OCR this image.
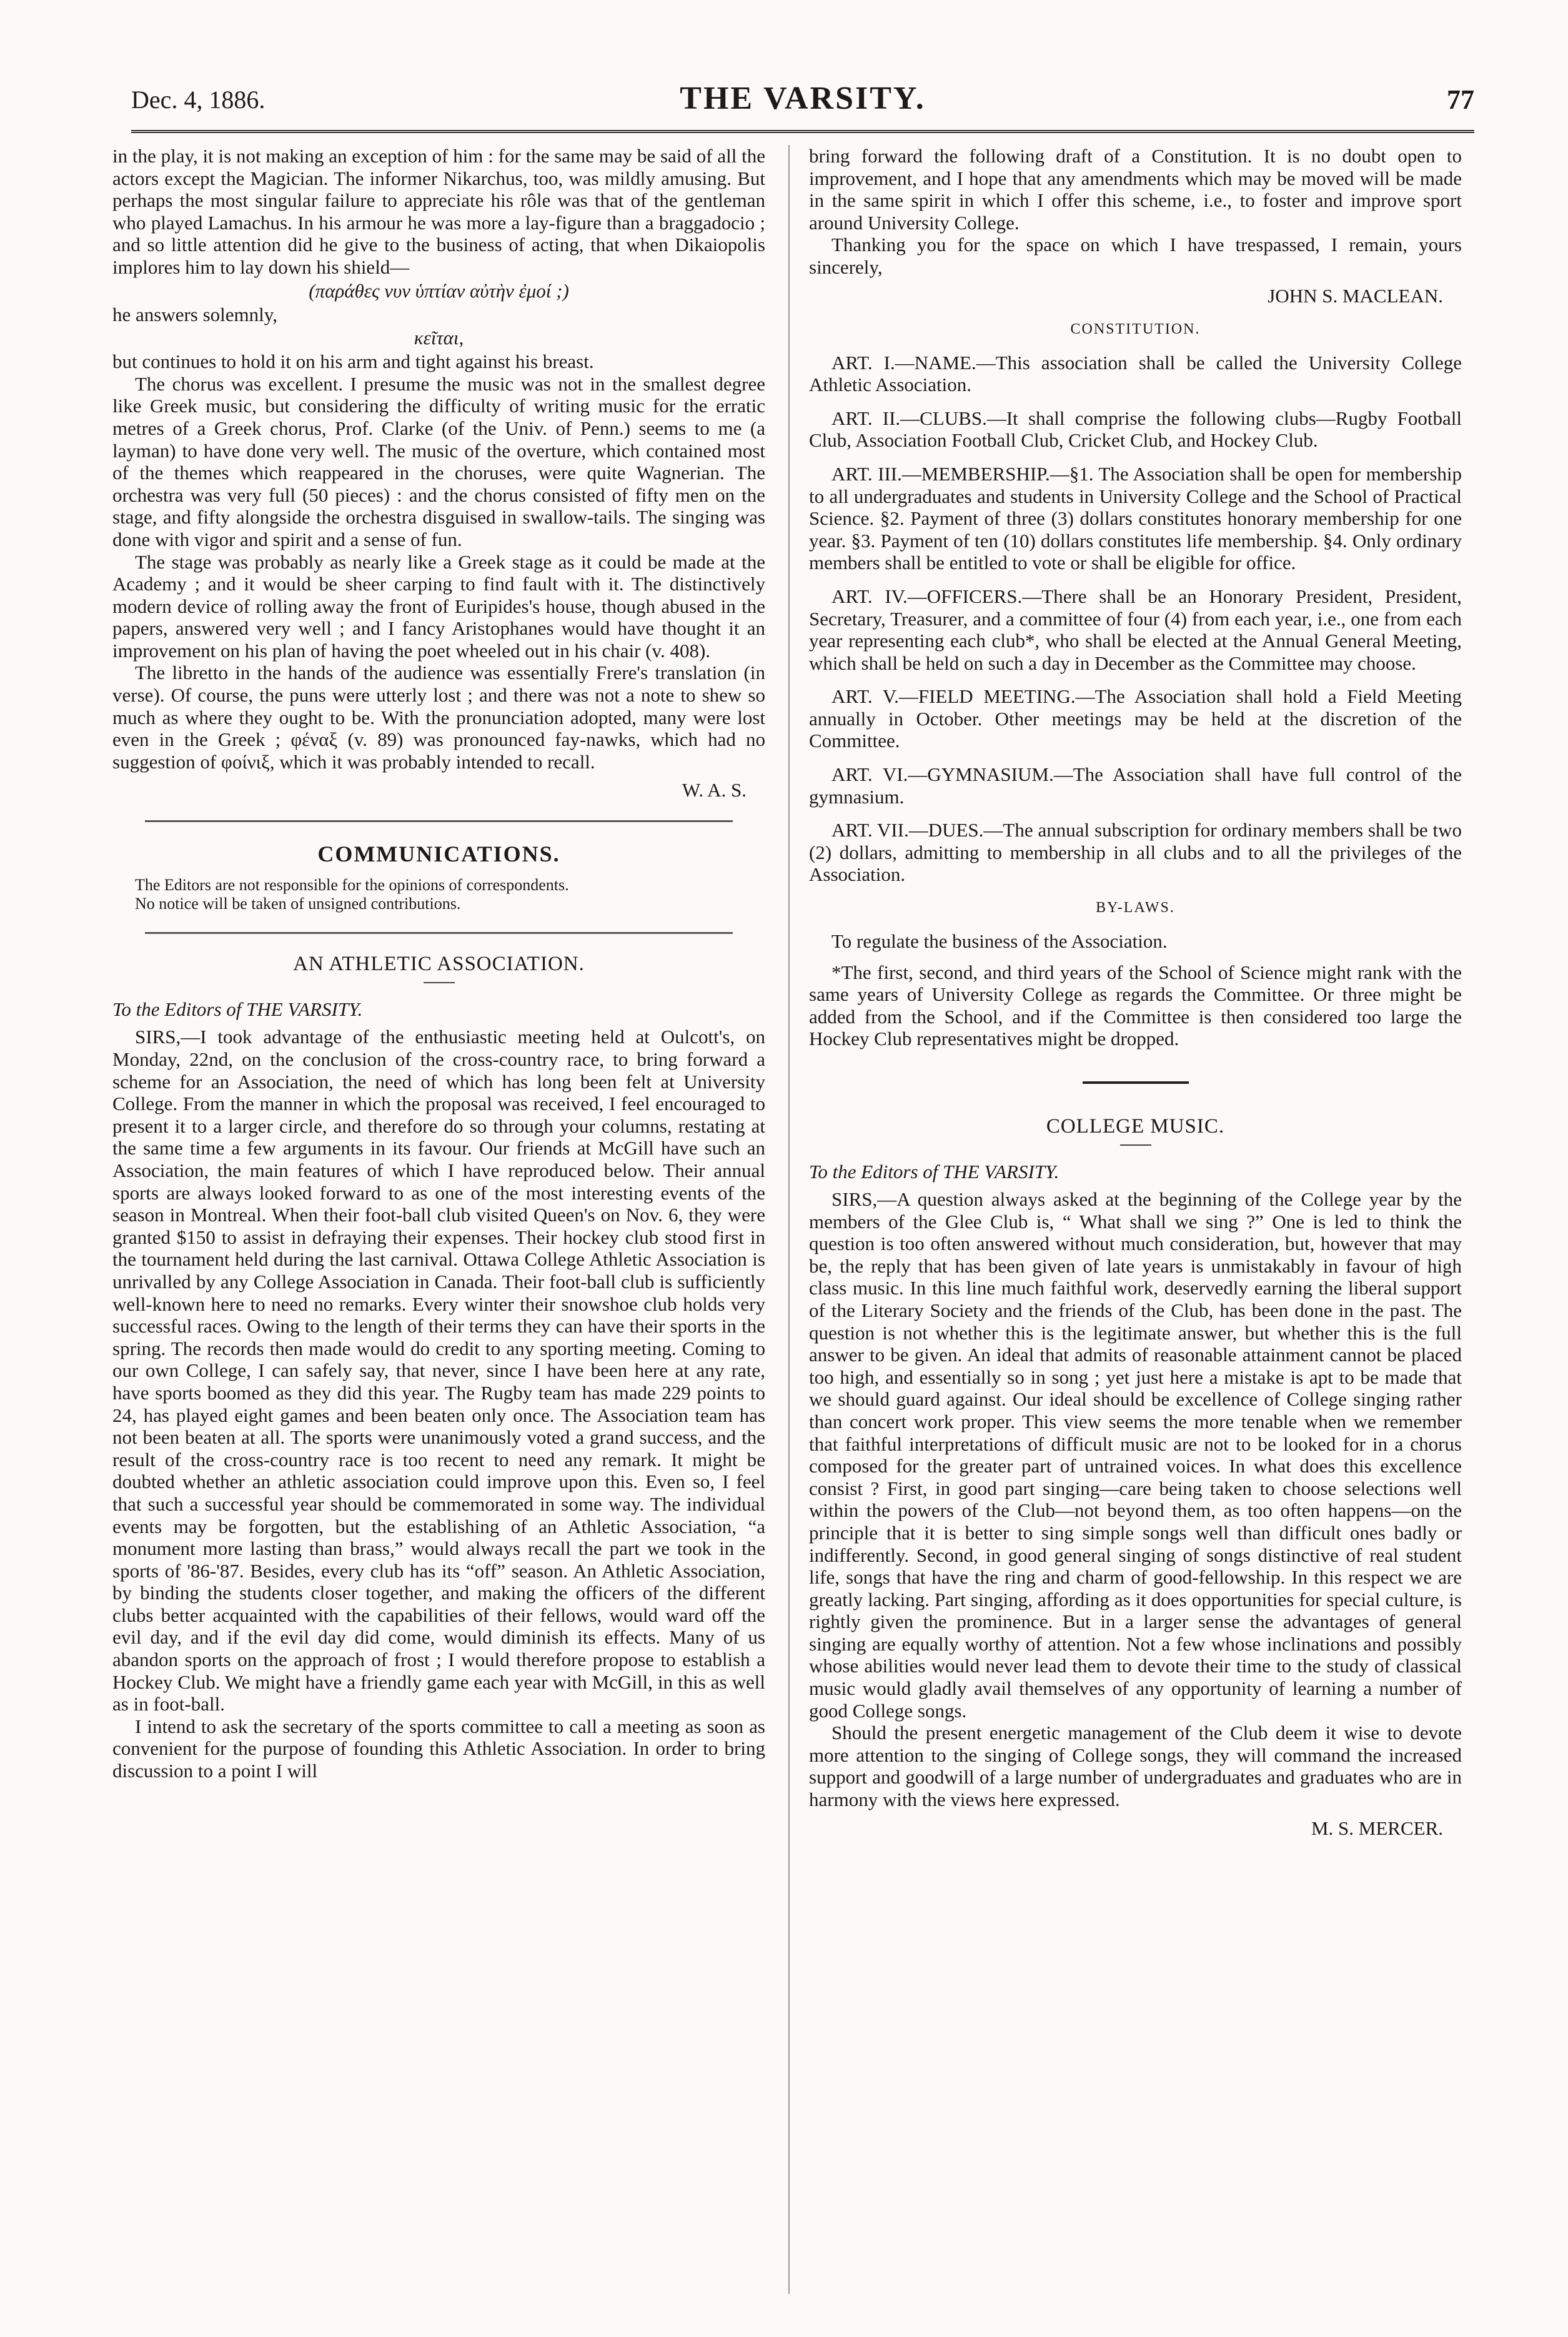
Dec. 4, 1886.	THE VARSITY.	77

in the play, it is not making an exception of him : for the same may be said of all the actors except the Magician. The informer Nikarchus, too, was mildly amusing. But perhaps the most singular failure to appreciate his rôle was that of the gentleman who played Lamachus. In his armour he was more a lay-figure than a braggadocio ; and so little attention did he give to the business of acting, that when Dikaiopolis implores him to lay down his shield—

(παράθες νυν ὑπτίαν αὐτὴν ἐμοί ;)

he answers solemnly,

κεῖται,

but continues to hold it on his arm and tight against his breast.

The chorus was excellent. I presume the music was not in the smallest degree like Greek music, but considering the difficulty of writing music for the erratic metres of a Greek chorus, Prof. Clarke (of the Univ. of Penn.) seems to me (a layman) to have done very well. The music of the overture, which contained most of the themes which reappeared in the choruses, were quite Wagnerian. The orchestra was very full (50 pieces) : and the chorus consisted of fifty men on the stage, and fifty alongside the orchestra disguised in swallow-tails. The singing was done with vigor and spirit and a sense of fun.

The stage was probably as nearly like a Greek stage as it could be made at the Academy ; and it would be sheer carping to find fault with it. The distinctively modern device of rolling away the front of Euripides's house, though abused in the papers, answered very well ; and I fancy Aristophanes would have thought it an improvement on his plan of having the poet wheeled out in his chair (v. 408).

The libretto in the hands of the audience was essentially Frere's translation (in verse). Of course, the puns were utterly lost ; and there was not a note to shew so much as where they ought to be. With the pronunciation adopted, many were lost even in the Greek ; φέναξ (v. 89) was pronounced fay-nawks, which had no suggestion of φοίνιξ, which it was probably intended to recall.

W. A. S.
COMMUNICATIONS.

The Editors are not responsible for the opinions of correspondents.

No notice will be taken of unsigned contributions.

AN ATHLETIC ASSOCIATION.
To the Editors of THE VARSITY.

SIRS,—I took advantage of the enthusiastic meeting held at Oulcott's, on Monday, 22nd, on the conclusion of the cross-country race, to bring forward a scheme for an Association, the need of which has long been felt at University College. From the manner in which the proposal was received, I feel encouraged to present it to a larger circle, and therefore do so through your columns, restating at the same time a few arguments in its favour. Our friends at McGill have such an Association, the main features of which I have reproduced below. Their annual sports are always looked forward to as one of the most interesting events of the season in Montreal. When their foot-ball club visited Queen's on Nov. 6, they were granted $150 to assist in defraying their expenses. Their hockey club stood first in the tournament held during the last carnival. Ottawa College Athletic Association is unrivalled by any College Association in Canada. Their foot-ball club is sufficiently well-known here to need no remarks. Every winter their snowshoe club holds very successful races. Owing to the length of their terms they can have their sports in the spring. The records then made would do credit to any sporting meeting. Coming to our own College, I can safely say, that never, since I have been here at any rate, have sports boomed as they did this year. The Rugby team has made 229 points to 24, has played eight games and been beaten only once. The Association team has not been beaten at all. The sports were unanimously voted a grand success, and the result of the cross-country race is too recent to need any remark. It might be doubted whether an athletic association could improve upon this. Even so, I feel that such a successful year should be commemorated in some way. The individual events may be forgotten, but the establishing of an Athletic Association, “a monument more lasting than brass,” would always recall the part we took in the sports of '86-'87. Besides, every club has its “off” season. An Athletic Association, by binding the students closer together, and making the officers of the different clubs better acquainted with the capabilities of their fellows, would ward off the evil day, and if the evil day did come, would diminish its effects. Many of us abandon sports on the approach of frost ; I would therefore propose to establish a Hockey Club. We might have a friendly game each year with McGill, in this as well as in foot-ball.

I intend to ask the secretary of the sports committee to call a meeting as soon as convenient for the purpose of founding this Athletic Association. In order to bring discussion to a point I will

bring forward the following draft of a Constitution. It is no doubt open to improvement, and I hope that any amendments which may be moved will be made in the same spirit in which I offer this scheme, i.e., to foster and improve sport around University College.

Thanking you for the space on which I have trespassed, I remain, yours sincerely,

JOHN S. MACLEAN.
CONSTITUTION.

ART. I.—NAME.—This association shall be called the University College Athletic Association.

ART. II.—CLUBS.—It shall comprise the following clubs—Rugby Football Club, Association Football Club, Cricket Club, and Hockey Club.

ART. III.—MEMBERSHIP.—§1. The Association shall be open for membership to all undergraduates and students in University College and the School of Practical Science. §2. Payment of three (3) dollars constitutes honorary membership for one year. §3. Payment of ten (10) dollars constitutes life membership. §4. Only ordinary members shall be entitled to vote or shall be eligible for office.

ART. IV.—OFFICERS.—There shall be an Honorary President, President, Secretary, Treasurer, and a committee of four (4) from each year, i.e., one from each year representing each club*, who shall be elected at the Annual General Meeting, which shall be held on such a day in December as the Committee may choose.

ART. V.—FIELD MEETING.—The Association shall hold a Field Meeting annually in October. Other meetings may be held at the discretion of the Committee.

ART. VI.—GYMNASIUM.—The Association shall have full control of the gymnasium.

ART. VII.—DUES.—The annual subscription for ordinary members shall be two (2) dollars, admitting to membership in all clubs and to all the privileges of the Association.

BY-LAWS.

To regulate the business of the Association.

*The first, second, and third years of the School of Science might rank with the same years of University College as regards the Committee. Or three might be added from the School, and if the Committee is then considered too large the Hockey Club representatives might be dropped.

COLLEGE MUSIC.
To the Editors of THE VARSITY.

SIRS,—A question always asked at the beginning of the College year by the members of the Glee Club is, “ What shall we sing ?” One is led to think the question is too often answered without much consideration, but, however that may be, the reply that has been given of late years is unmistakably in favour of high class music. In this line much faithful work, deservedly earning the liberal support of the Literary Society and the friends of the Club, has been done in the past. The question is not whether this is the legitimate answer, but whether this is the full answer to be given. An ideal that admits of reasonable attainment cannot be placed too high, and essentially so in song ; yet just here a mistake is apt to be made that we should guard against. Our ideal should be excellence of College singing rather than concert work proper. This view seems the more tenable when we remember that faithful interpretations of difficult music are not to be looked for in a chorus composed for the greater part of untrained voices. In what does this excellence consist ? First, in good part singing—care being taken to choose selections well within the powers of the Club—not beyond them, as too often happens—on the principle that it is better to sing simple songs well than difficult ones badly or indifferently. Second, in good general singing of songs distinctive of real student life, songs that have the ring and charm of good-fellowship. In this respect we are greatly lacking. Part singing, affording as it does opportunities for special culture, is rightly given the prominence. But in a larger sense the advantages of general singing are equally worthy of attention. Not a few whose inclinations and possibly whose abilities would never lead them to devote their time to the study of classical music would gladly avail themselves of any opportunity of learning a number of good College songs.

Should the present energetic management of the Club deem it wise to devote more attention to the singing of College songs, they will command the increased support and goodwill of a large number of undergraduates and graduates who are in harmony with the views here expressed.

M. S. MERCER.
